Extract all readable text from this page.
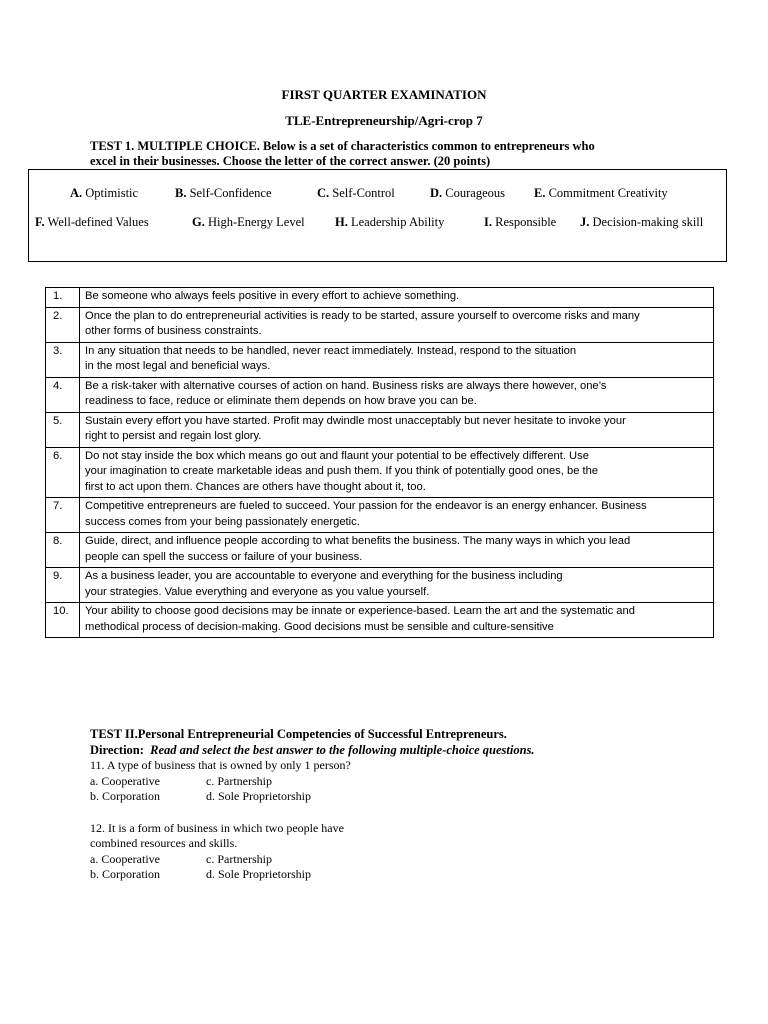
FIRST QUARTER EXAMINATION
TLE-Entrepreneurship/Agri-crop 7
TEST 1. MULTIPLE CHOICE. Below is a set of characteristics common to entrepreneurs who
excel in their businesses. Choose the letter of the correct answer. (20 points)
A. Optimistic	B. Self-Confidence	C. Self-Control	D. Courageous E. Commitment Creativity
F. Well-defined Values	G. High-Energy Level H. Leadership Ability	I. Responsible J. Decision-making skill
1.	Be someone who always feels positive in every effort to achieve something.

2.	Once the plan to do entrepreneurial activities is ready to be started, assure yourself to overcome risks and many
other forms of business constraints.

3.	In any situation that needs to be handled, never react immediately. Instead, respond to the situation
in the most legal and beneficial ways.

4.	Be a risk-taker with alternative courses of action on hand. Business risks are always there however, one’s
readiness to face, reduce or eliminate them depends on how brave you can be.

5.	Sustain every effort you have started. Profit may dwindle most unacceptably but never hesitate to invoke your
right to persist and regain lost glory.

6.	Do not stay inside the box which means go out and flaunt your potential to be effectively different. Use
your imagination to create marketable ideas and push them. If you think of potentially good ones, be the
first to act upon them. Chances are others have thought about it, too.

7.	Competitive entrepreneurs are fueled to succeed. Your passion for the endeavor is an energy enhancer. Business
success comes from your being passionately energetic.

8.	Guide, direct, and influence people according to what benefits the business. The many ways in which you lead
people can spell the success or failure of your business.

9.	As a business leader, you are accountable to everyone and everything for the business including
your strategies. Value everything and everyone as you value yourself.

10.	Your ability to choose good decisions may be innate or experience-based. Learn the art and the systematic and
methodical process of decision-making. Good decisions must be sensible and culture-sensitive
TEST II.Personal Entrepreneurial Competencies of Successful Entrepreneurs.
Direction: Read and select the best answer to the following multiple-choice questions.
11. A type of business that is owned by only 1 person?
a. Cooperative	c. Partnership
b. Corporation	d. Sole Proprietorship
12. It is a form of business in which two people have
combined resources and skills.
a. Cooperative	c. Partnership
b. Corporation	d. Sole Proprietorship
